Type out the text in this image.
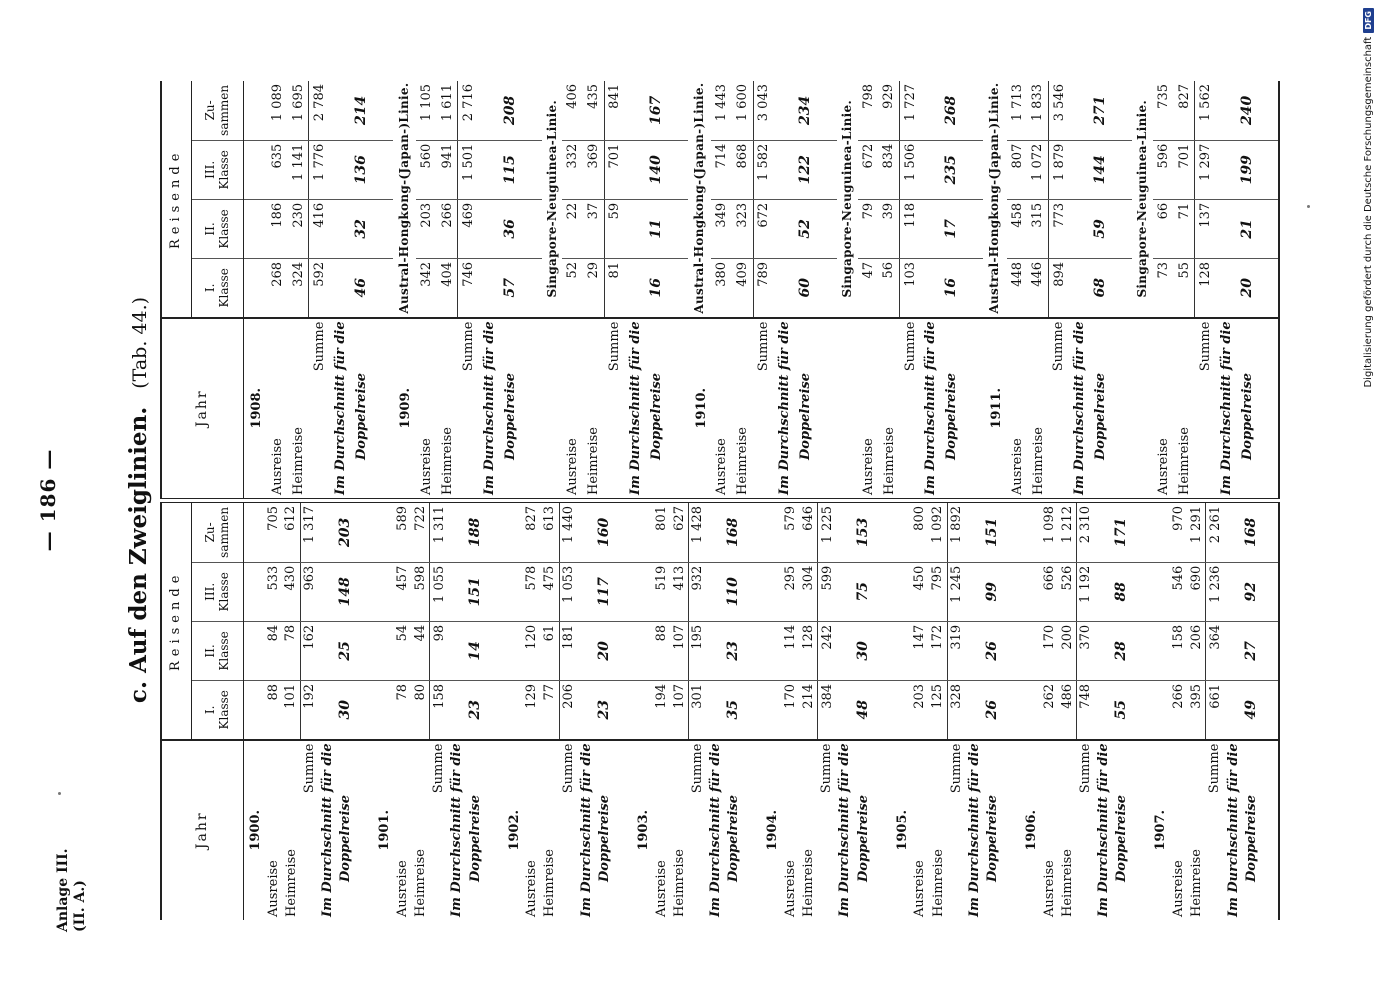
— 186 —
Anlage III. (II. A.)
c. Auf den Zweiglinien. (Tab. 44.)
Jahr	Reisende			
	I.
Klasse	II.
Klasse	III.
Klasse	Zu-
sammen
1900.				
Ausreise	88	84	533	705
Heimreise	101	78	430	612
Summe	192	162	963	1 317
Im Durchschnitt für die				
Doppelreise	30	25	148	203

1901.				
Ausreise	78	54	457	589
Heimreise	80	44	598	722
Summe	158	98	1 055	1 311
Im Durchschnitt für die				
Doppelreise	23	14	151	188

1902.				
Ausreise	129	120	578	827
Heimreise	77	61	475	613
Summe	206	181	1 053	1 440
Im Durchschnitt für die				
Doppelreise	23	20	117	160

1903.				
Ausreise	194	88	519	801
Heimreise	107	107	413	627
Summe	301	195	932	1 428
Im Durchschnitt für die				
Doppelreise	35	23	110	168

1904.				
Ausreise	170	114	295	579
Heimreise	214	128	304	646
Summe	384	242	599	1 225
Im Durchschnitt für die				
Doppelreise	48	30	75	153

1905.				
Ausreise	203	147	450	800
Heimreise	125	172	795	1 092
Summe	328	319	1 245	1 892
Im Durchschnitt für die				
Doppelreise	26	26	99	151

1906.				
Ausreise	262	170	666	1 098
Heimreise	486	200	526	1 212
Summe	748	370	1 192	2 310
Im Durchschnitt für die				
Doppelreise	55	28	88	171

1907.				
Ausreise	266	158	546	970
Heimreise	395	206	690	1 291
Summe	661	364	1 236	2 261
Im Durchschnitt für die				
Doppelreise	49	27	92	168

Jahr	Reisende			
	I.
Klasse	II.
Klasse	III.
Klasse	Zu-
sammen
1908.				
Ausreise	268	186	635	1 089
Heimreise	324	230	1 141	1 695
Summe	592	416	1 776	2 784
Im Durchschnitt für die				
Doppelreise	46	32	136	214

1909.	Austral-Hongkong-(Japan-)Linie.			
Ausreise	342	203	560	1 105
Heimreise	404	266	941	1 611
Summe	746	469	1 501	2 716
Im Durchschnitt für die				
Doppelreise	57	36	115	208

	Singapore-Neuguinea-Linie.			
Ausreise	52	22	332	406
Heimreise	29	37	369	435
Summe	81	59	701	841
Im Durchschnitt für die				
Doppelreise	16	11	140	167

1910.	Austral-Hongkong-(Japan-)Linie.			
Ausreise	380	349	714	1 443
Heimreise	409	323	868	1 600
Summe	789	672	1 582	3 043
Im Durchschnitt für die				
Doppelreise	60	52	122	234

	Singapore-Neuguinea-Linie.			
Ausreise	47	79	672	798
Heimreise	56	39	834	929
Summe	103	118	1 506	1 727
Im Durchschnitt für die				
Doppelreise	16	17	235	268

1911.	Austral-Hongkong-(Japan-)Linie.			
Ausreise	448	458	807	1 713
Heimreise	446	315	1 072	1 833
Summe	894	773	1 879	3 546
Im Durchschnitt für die				
Doppelreise	68	59	144	271

	Singapore-Neuguinea-Linie.			
Ausreise	73	66	596	735
Heimreise	55	71	701	827
Summe	128	137	1 297	1 562
Im Durchschnitt für die				
Doppelreise	20	21	199	240
					Digitalisierung gefördert durch die Deutsche Forschungsgemeinschaft
DFG
